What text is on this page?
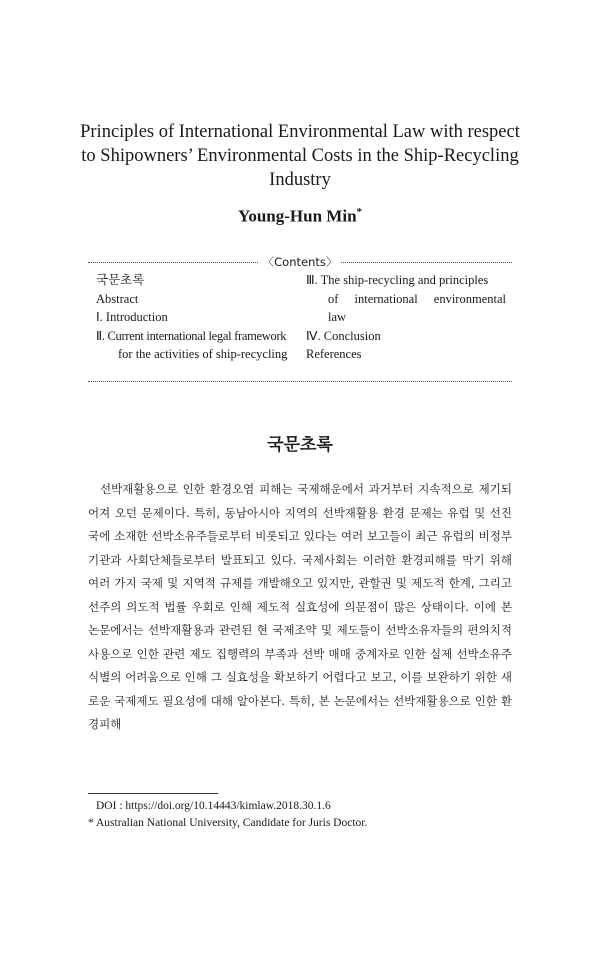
Principles of International Environmental Law with respect
to Shipowners’ Environmental Costs in the Ship-Recycling
Industry
Young-Hun Min*
〈Contents〉
국문초록
Abstract
Ⅰ. Introduction
Ⅱ. Current international legal framework
for the activities of ship-recycling
Ⅲ. The ship-recycling and principles
of international environmental
law
Ⅳ. Conclusion
References
국문초록

선박재활용으로 인한 환경오염 피해는 국제해운에서 과거부터 지속적으로 제기되어져 오던 문제이다. 특히, 동남아시아 지역의 선박재활용 환경 문제는 유럽 및 선진국에 소재한 선박소유주들로부터 비롯되고 있다는 여러 보고들이 최근 유럽의 비정부기관과 사회단체들로부터 발표되고 있다. 국제사회는 이러한 환경피해를 막기 위해 여러 가지 국제 및 지역적 규제를 개발해오고 있지만, 관할권 및 제도적 한계, 그리고 선주의 의도적 법률 우회로 인해 제도적 실효성에 의문점이 많은 상태이다. 이에 본 논문에서는 선박재활용과 관련된 현 국제조약 및 제도들이 선박소유자들의 편의치적 사용으로 인한 관련 제도 집행력의 부족과 선박 매매 중계자로 인한 실제 선박소유주 식별의 어려움으로 인해 그 실효성을 확보하기 어렵다고 보고, 이를 보완하기 위한 새로운 국제제도 필요성에 대해 알아본다. 특히, 본 논문에서는 선박재활용으로 인한 환경피해

DOI : https://doi.org/10.14443/kimlaw.2018.30.1.6
* Australian National University, Candidate for Juris Doctor.
